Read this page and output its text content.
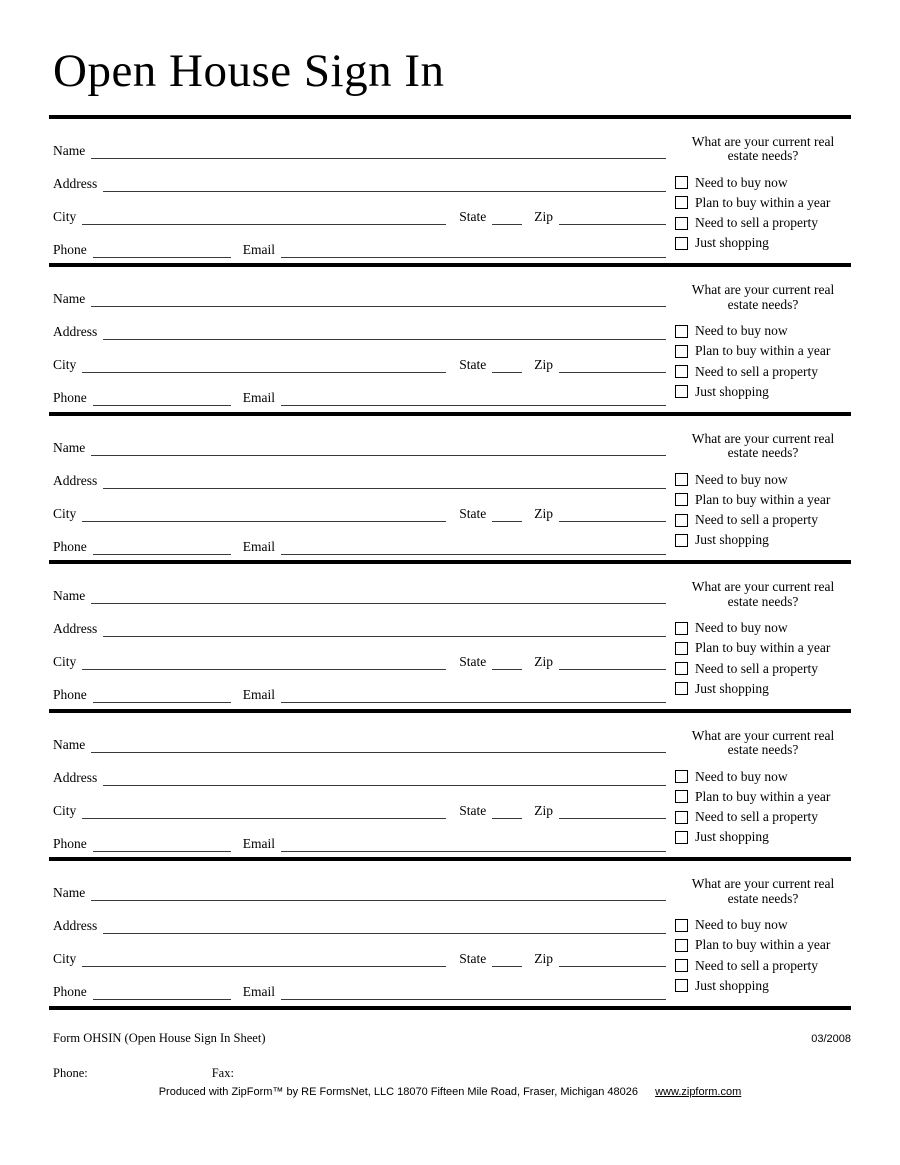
Open House Sign In
Name
Address
City	State	Zip
Phone	Email
What are your current real estate needs?
Need to buy now
Plan to buy within a year
Need to sell a property
Just shopping
Name
Address
City	State	Zip
Phone	Email
What are your current real estate needs?
Need to buy now
Plan to buy within a year
Need to sell a property
Just shopping
Name
Address
City	State	Zip
Phone	Email
What are your current real estate needs?
Need to buy now
Plan to buy within a year
Need to sell a property
Just shopping
Name
Address
City	State	Zip
Phone	Email
What are your current real estate needs?
Need to buy now
Plan to buy within a year
Need to sell a property
Just shopping
Name
Address
City	State	Zip
Phone	Email
What are your current real estate needs?
Need to buy now
Plan to buy within a year
Need to sell a property
Just shopping
Name
Address
City	State	Zip
Phone	Email
What are your current real estate needs?
Need to buy now
Plan to buy within a year
Need to sell a property
Just shopping
Form OHSIN (Open House Sign In Sheet)	03/2008
Phone:	Fax:
Produced with ZipForm™ by RE FormsNet, LLC 18070 Fifteen Mile Road, Fraser, Michigan 48026 www.zipform.com
